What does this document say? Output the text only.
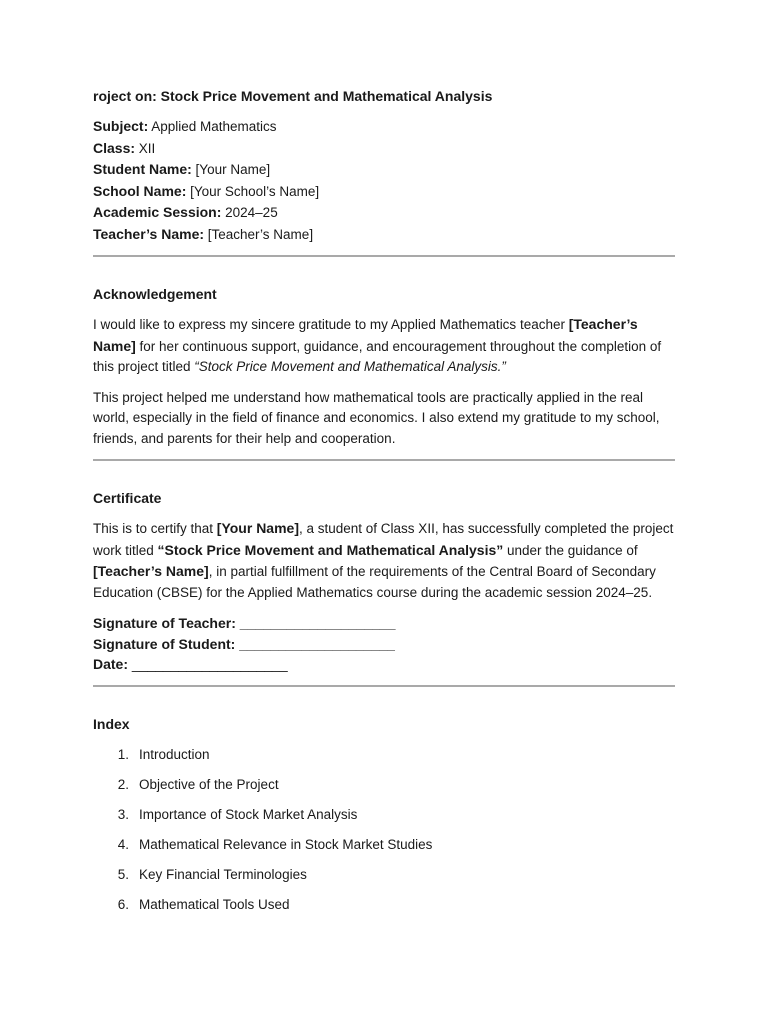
roject on: Stock Price Movement and Mathematical Analysis

Subject: Applied Mathematics

Class: XII

Student Name: [Your Name]

School Name: [Your School’s Name]

Academic Session: 2024–25

Teacher’s Name: [Teacher’s Name]

Acknowledgement

I would like to express my sincere gratitude to my Applied Mathematics teacher [Teacher’s Name] for her continuous support, guidance, and encouragement throughout the completion of this project titled “Stock Price Movement and Mathematical Analysis.”

This project helped me understand how mathematical tools are practically applied in the real world, especially in the field of finance and economics. I also extend my gratitude to my school, friends, and parents for their help and cooperation.

Certificate

This is to certify that [Your Name], a student of Class XII, has successfully completed the project work titled “Stock Price Movement and Mathematical Analysis” under the guidance of [Teacher’s Name], in partial fulfillment of the requirements of the Central Board of Secondary Education (CBSE) for the Applied Mathematics course during the academic session 2024–25.

Signature of Teacher: ____________________

Signature of Student: ____________________

Date: ____________________

Index

1. Introduction
2. Objective of the Project
3. Importance of Stock Market Analysis
4. Mathematical Relevance in Stock Market Studies
5. Key Financial Terminologies
6. Mathematical Tools Used
